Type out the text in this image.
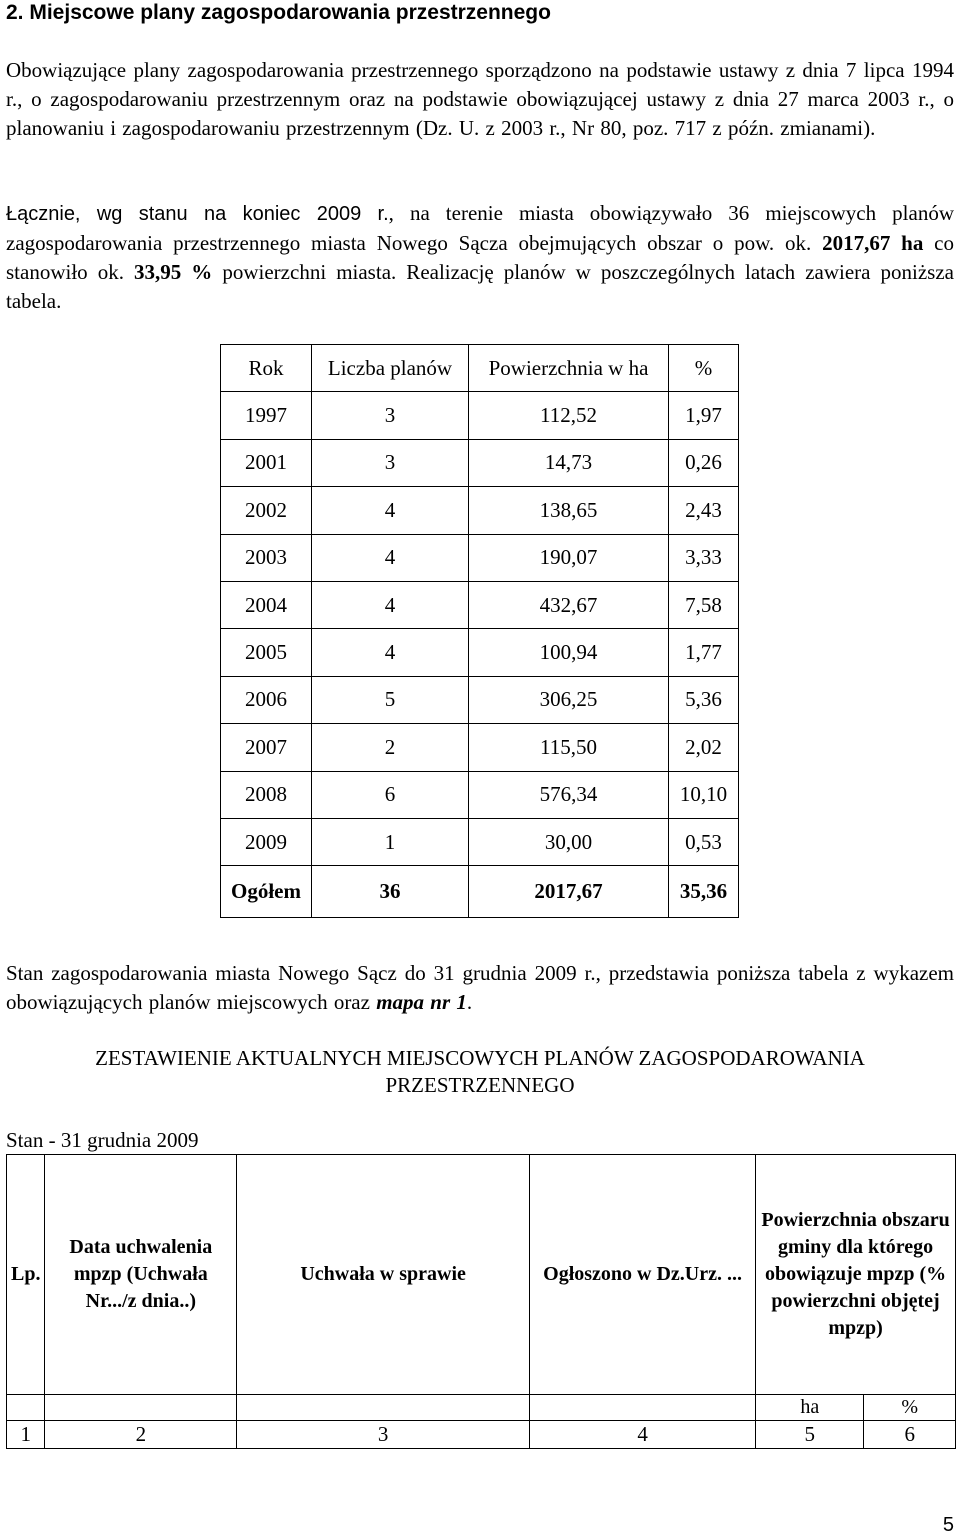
2. Miejscowe plany zagospodarowania przestrzennego
Obowiązujące plany zagospodarowania przestrzennego sporządzono na podstawie ustawy z dnia 7 lipca 1994 r., o zagospodarowaniu przestrzennym oraz na podstawie obowiązującej ustawy z dnia 27 marca 2003 r., o planowaniu i zagospodarowaniu przestrzennym (Dz. U. z 2003 r., Nr 80, poz. 717 z późn. zmianami).
Łącznie, wg stanu na koniec 2009 r., na terenie miasta obowiązywało 36 miejscowych planów zagospodarowania przestrzennego miasta Nowego Sącza obejmujących obszar o pow. ok. 2017,67 ha co stanowiło ok. 33,95 % powierzchni miasta. Realizację planów w poszczególnych latach zawiera poniższa tabela.
Rok	Liczba planów	Powierzchnia w ha	%
1997	3	112,52	1,97
2001	3	14,73	0,26
2002	4	138,65	2,43
2003	4	190,07	3,33
2004	4	432,67	7,58
2005	4	100,94	1,77
2006	5	306,25	5,36
2007	2	115,50	2,02
2008	6	576,34	10,10
2009	1	30,00	0,53
Ogółem	36	2017,67	35,36
Stan zagospodarowania miasta Nowego Sącz do 31 grudnia 2009 r., przedstawia poniższa tabela z wykazem obowiązujących planów miejscowych oraz mapa nr 1.
ZESTAWIENIE AKTUALNYCH MIEJSCOWYCH PLANÓW ZAGOSPODAROWANIA
PRZESTRZENNEGO
Stan - 31 grudnia 2009
Lp.	Data uchwalenia mpzp (Uchwała Nr.../z dnia..)	Uchwała w sprawie	Ogłoszono w Dz.Urz. ...	Powierzchnia obszaru gminy dla którego obowiązuje mpzp (% powierzchni objętej mpzp)	
				ha	%
1	2	3	4	5	6
5
